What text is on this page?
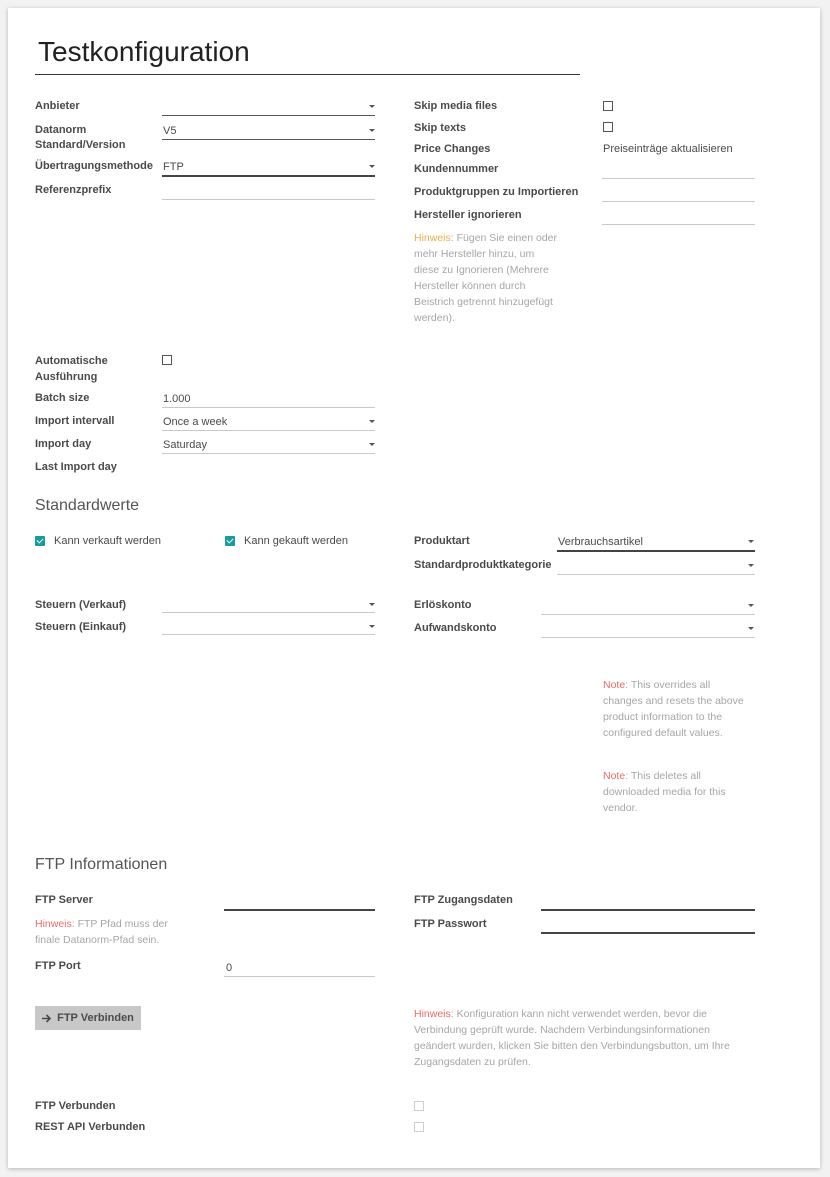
Testkonfiguration
Anbieter
Datanorm
Standard/Version
V5
Übertragungsmethode FTP
Referenzprefix
Automatische
Ausführung
Batch size	1.000
Import intervall	Once a week
Import day	Saturday
Last Import day
Skip media files
Skip texts
Price Changes	Preiseinträge aktualisieren
Kundennummer
Produktgruppen zu Importieren
Hersteller ignorieren
Hinweis: Fügen Sie einen oder
mehr Hersteller hinzu, um
diese zu Ignorieren (Mehrere
Hersteller können durch
Beistrich getrennt hinzugefügt
werden).
Standardwerte
Kann verkauft werden	Kann gekauft werden	Produktart	Verbrauchsartikel
Standardproduktkategorie
Steuern (Verkauf)
Steuern (Einkauf)
Erlöskonto
Aufwandskonto
Note: This overrides all
changes and resets the above
product information to the
configured default values.
Note: This deletes all
downloaded media for this
vendor.
FTP Informationen
FTP Server
Hinweis: FTP Pfad muss der
finale Datanorm-Pfad sein.
FTP Port	0
FTP Zugangsdaten
FTP Passwort
FTP Verbinden	Hinweis: Konfiguration kann nicht verwendet werden, bevor die
Verbindung geprüft wurde. Nachdem Verbindungsinformationen
geändert wurden, klicken Sie bitten den Verbindungsbutton, um Ihre
Zugangsdaten zu prüfen.
FTP Verbunden
REST API Verbunden
